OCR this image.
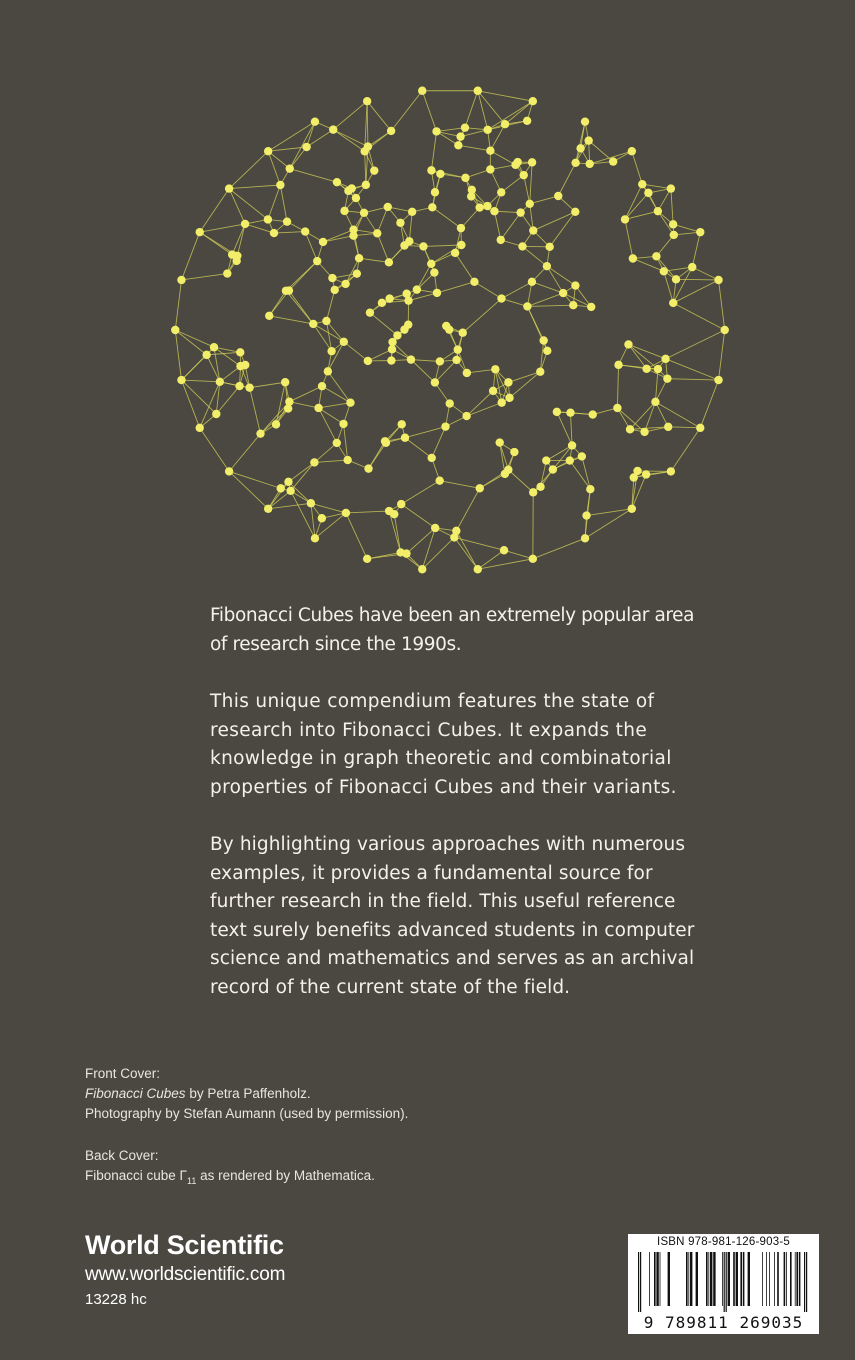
Fibonacci Cubes have been an extremely popular area of research since the 1990s.

This unique compendium features the state of research into Fibonacci Cubes. It expands the knowledge in graph theoretic and combinatorial properties of Fibonacci Cubes and their variants.

By highlighting various approaches with numerous examples, it provides a fundamental source for further research in the field. This useful reference text surely benefits advanced students in computer science and mathematics and serves as an archival record of the current state of the field.

Front Cover:
Fibonacci Cubes by Petra Paffenholz.
Photography by Stefan Aumann (used by permission).
Back Cover:
Fibonacci cube $\Gamma_{11}$ as rendered by Mathematica.
World Scientific
www.worldscientific.com
13228 hc
ISBN 978-981-126-903-5
9 789811 269035
